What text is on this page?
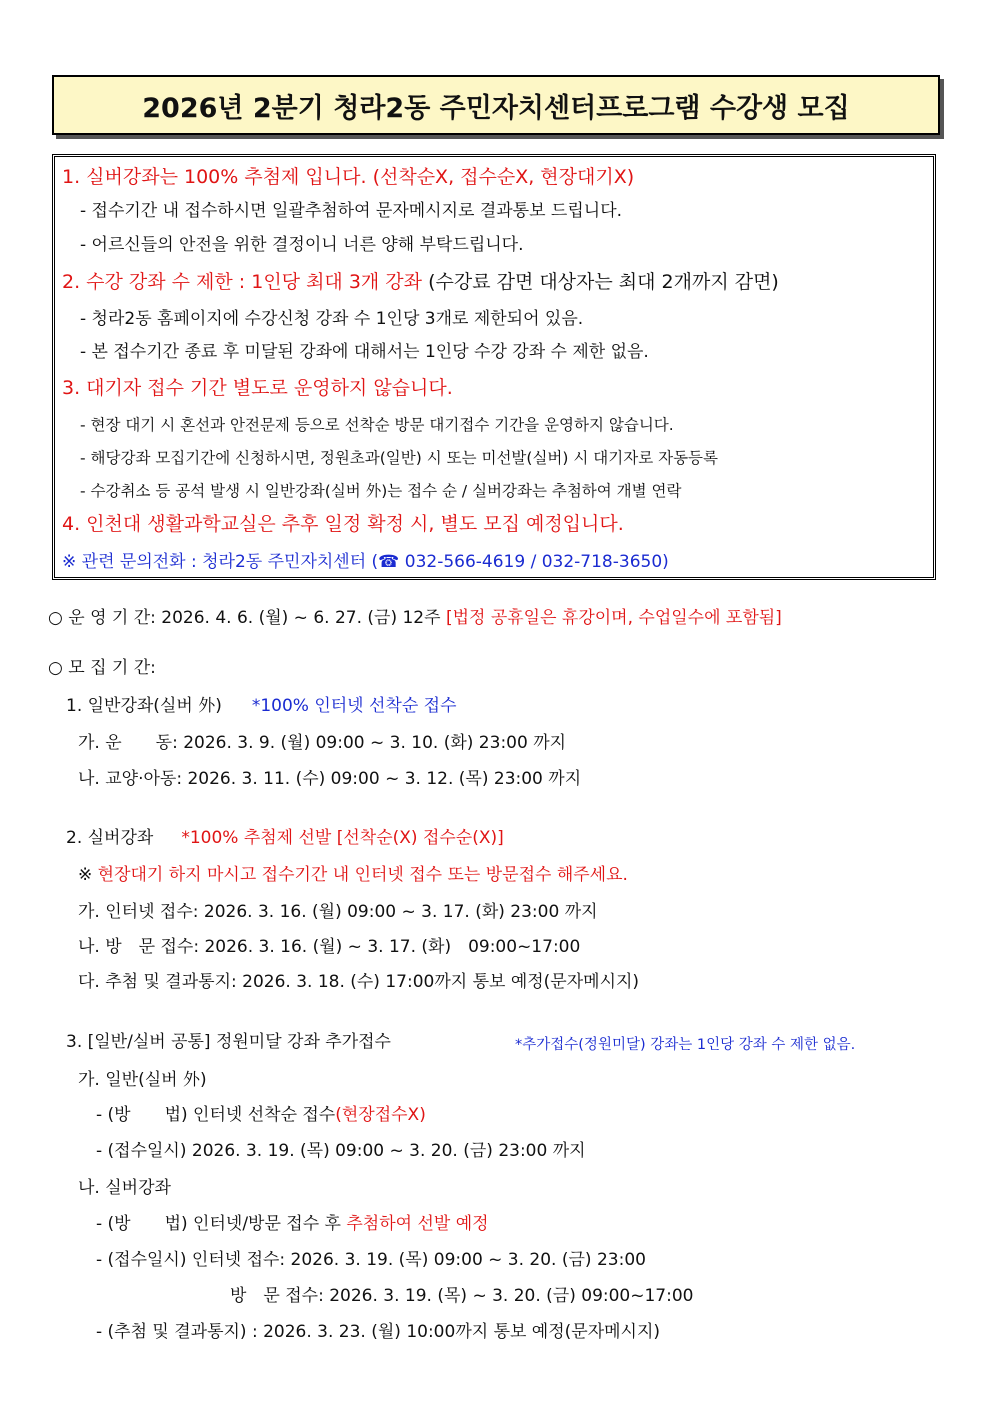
2026년 2분기 청라2동 주민자치센터프로그램 수강생 모집
1. 실버강좌는 100% 추첨제 입니다. (선착순X, 접수순X, 현장대기X)
- 접수기간 내 접수하시면 일괄추첨하여 문자메시지로 결과통보 드립니다.
- 어르신들의 안전을 위한 결정이니 너른 양해 부탁드립니다.
2. 수강 강좌 수 제한 : 1인당 최대 3개 강좌 (수강료 감면 대상자는 최대 2개까지 감면)
- 청라2동 홈페이지에 수강신청 강좌 수 1인당 3개로 제한되어 있음.
- 본 접수기간 종료 후 미달된 강좌에 대해서는 1인당 수강 강좌 수 제한 없음.
3. 대기자 접수 기간 별도로 운영하지 않습니다.
- 현장 대기 시 혼선과 안전문제 등으로 선착순 방문 대기접수 기간을 운영하지 않습니다.
- 해당강좌 모집기간에 신청하시면, 정원초과(일반) 시 또는 미선발(실버) 시 대기자로 자동등록
- 수강취소 등 공석 발생 시 일반강좌(실버 外)는 접수 순 / 실버강좌는 추첨하여 개별 연락
4. 인천대 생활과학교실은 추후 일정 확정 시, 별도 모집 예정입니다.
※ 관련 문의전화 : 청라2동 주민자치센터 (☎ 032-566-4619 / 032-718-3650)
○ 운 영 기 간: 2026. 4. 6. (월) ~ 6. 27. (금) 12주 [법정 공휴일은 휴강이며, 수업일수에 포함됨]
○ 모 집 기 간:
1. 일반강좌(실버 外) *100% 인터넷 선착순 접수
가. 운　　동: 2026. 3. 9. (월) 09:00 ~ 3. 10. (화) 23:00 까지
나. 교양·아동: 2026. 3. 11. (수) 09:00 ~ 3. 12. (목) 23:00 까지
2. 실버강좌 *100% 추첨제 선발 [선착순(X) 접수순(X)]
※ 현장대기 하지 마시고 접수기간 내 인터넷 접수 또는 방문접수 해주세요.
가. 인터넷 접수: 2026. 3. 16. (월) 09:00 ~ 3. 17. (화) 23:00 까지
나. 방　문 접수: 2026. 3. 16. (월) ~ 3. 17. (화)　09:00~17:00
다. 추첨 및 결과통지: 2026. 3. 18. (수) 17:00까지 통보 예정(문자메시지)
3. [일반/실버 공통] 정원미달 강좌 추가접수	*추가접수(정원미달) 강좌는 1인당 강좌 수 제한 없음.
가. 일반(실버 外)
- (방　　법) 인터넷 선착순 접수(현장접수X)
- (접수일시) 2026. 3. 19. (목) 09:00 ~ 3. 20. (금) 23:00 까지
나. 실버강좌
- (방　　법) 인터넷/방문 접수 후 추첨하여 선발 예정
- (접수일시) 인터넷 접수: 2026. 3. 19. (목) 09:00 ~ 3. 20. (금) 23:00
방　문 접수: 2026. 3. 19. (목) ~ 3. 20. (금) 09:00~17:00
- (추첨 및 결과통지) : 2026. 3. 23. (월) 10:00까지 통보 예정(문자메시지)
